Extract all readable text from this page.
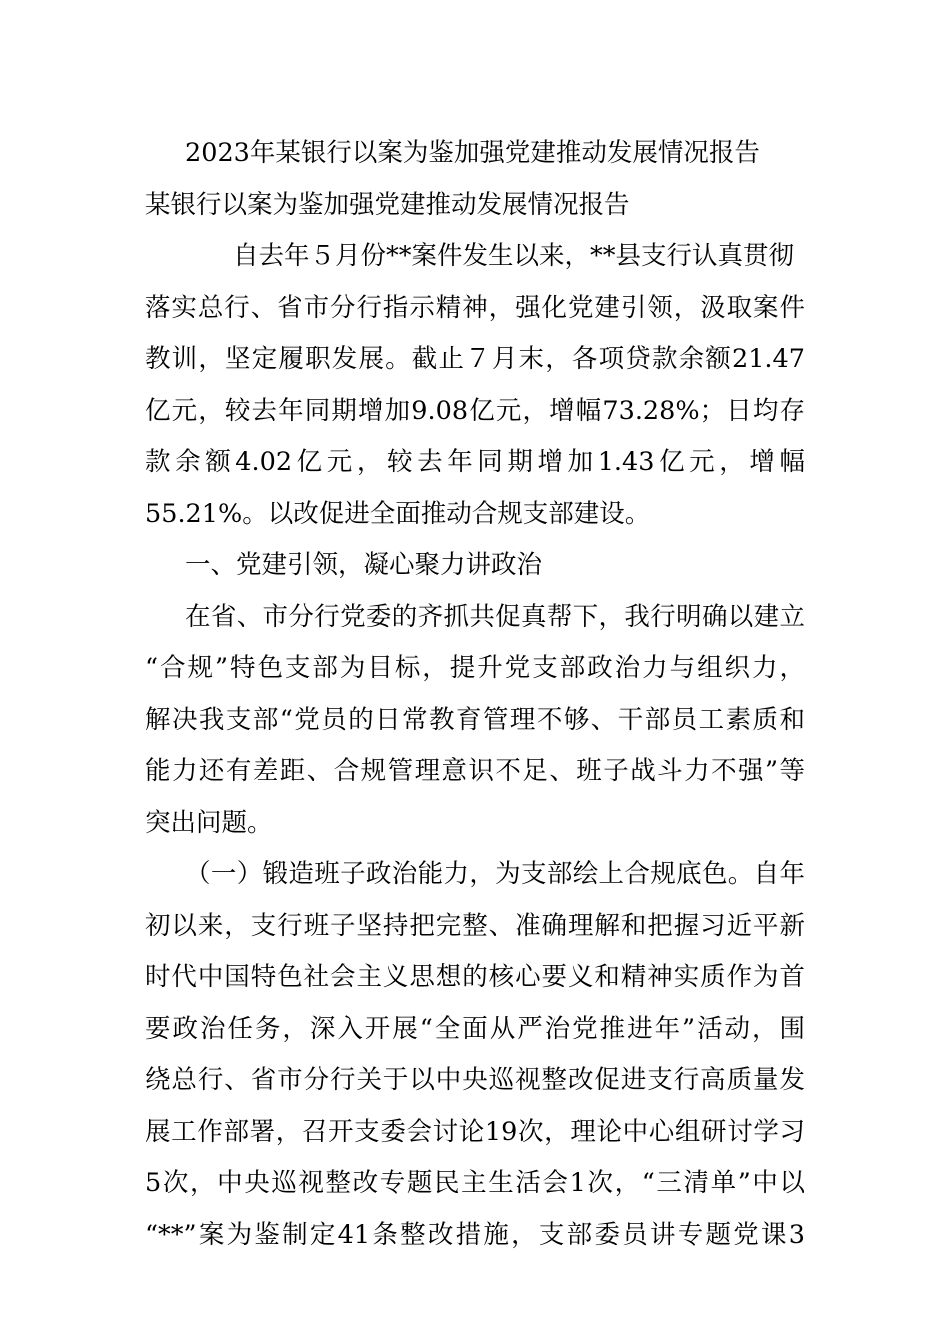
2023年某银行以案为鉴加强党建推动发展情况报告
某银行以案为鉴加强党建推动发展情况报告
自去年５月份**案件发生以来，**县支行认真贯彻
落实总行、省市分行指示精神，强化党建引领，汲取案件
教训，坚定履职发展。截止７月末，各项贷款余额21.47
亿元，较去年同期增加9.08亿元，增幅73.28%；日均存
款余额4.02亿元，较去年同期增加1.43亿元，增幅
55.21%。以改促进全面推动合规支部建设。
一、党建引领，凝心聚力讲政治
在省、市分行党委的齐抓共促真帮下，我行明确以建立
“合规”特色支部为目标，提升党支部政治力与组织力，
解决我支部“党员的日常教育管理不够、干部员工素质和
能力还有差距、合规管理意识不足、班子战斗力不强”等
突出问题。
（一）锻造班子政治能力，为支部绘上合规底色。自年
初以来，支行班子坚持把完整、准确理解和把握习近平新
时代中国特色社会主义思想的核心要义和精神实质作为首
要政治任务，深入开展“全面从严治党推进年”活动，围
绕总行、省市分行关于以中央巡视整改促进支行高质量发
展工作部署，召开支委会讨论19次，理论中心组研讨学习
5次，中央巡视整改专题民主生活会1次，“三清单”中以
“**”案为鉴制定41条整改措施，支部委员讲专题党课3
